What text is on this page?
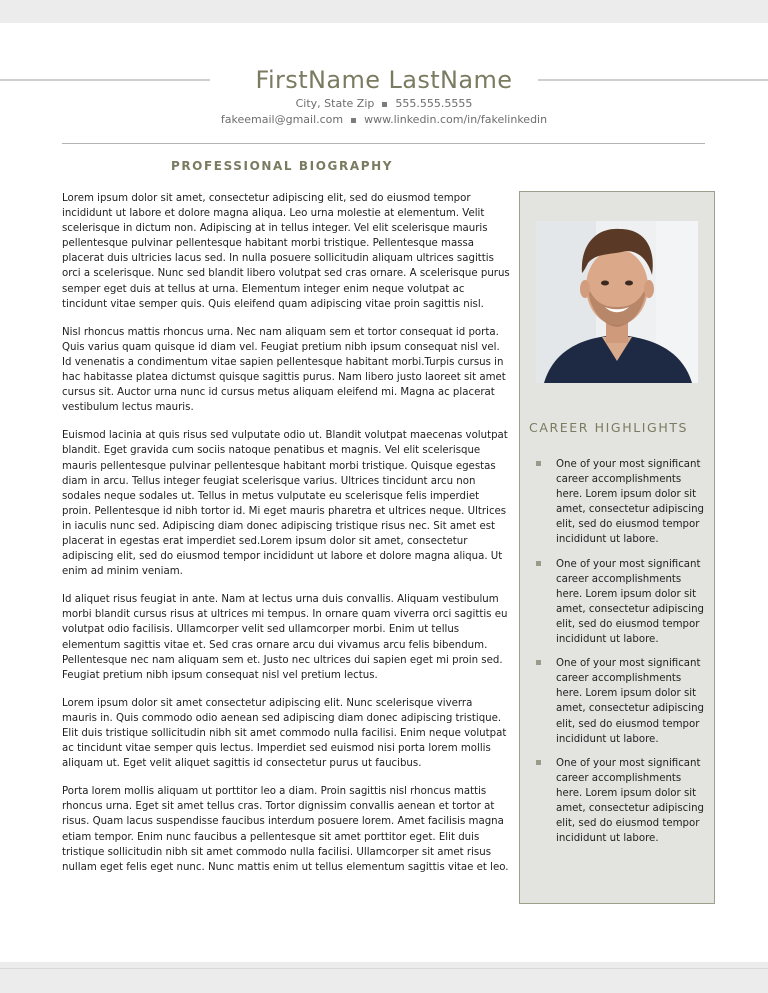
FirstName LastName
City, State Zip 555.555.5555
fakeemail@gmail.com www.linkedin.com/in/fakelinkedin
PROFESSIONAL BIOGRAPHY

Lorem ipsum dolor sit amet, consectetur adipiscing elit, sed do eiusmod tempor incididunt ut labore et dolore magna aliqua. Leo urna molestie at elementum. Velit scelerisque in dictum non. Adipiscing at in tellus integer. Vel elit scelerisque mauris pellentesque pulvinar pellentesque habitant morbi tristique. Pellentesque massa placerat duis ultricies lacus sed. In nulla posuere sollicitudin aliquam ultrices sagittis orci a scelerisque. Nunc sed blandit libero volutpat sed cras ornare. A scelerisque purus semper eget duis at tellus at urna. Elementum integer enim neque volutpat ac tincidunt vitae semper quis. Quis eleifend quam adipiscing vitae proin sagittis nisl.

Nisl rhoncus mattis rhoncus urna. Nec nam aliquam sem et tortor consequat id porta. Quis varius quam quisque id diam vel. Feugiat pretium nibh ipsum consequat nisl vel. Id venenatis a condimentum vitae sapien pellentesque habitant morbi.Turpis cursus in hac habitasse platea dictumst quisque sagittis purus. Nam libero justo laoreet sit amet cursus sit. Auctor urna nunc id cursus metus aliquam eleifend mi. Magna ac placerat vestibulum lectus mauris.

Euismod lacinia at quis risus sed vulputate odio ut. Blandit volutpat maecenas volutpat blandit. Eget gravida cum sociis natoque penatibus et magnis. Vel elit scelerisque mauris pellentesque pulvinar pellentesque habitant morbi tristique. Quisque egestas diam in arcu. Tellus integer feugiat scelerisque varius. Ultrices tincidunt arcu non sodales neque sodales ut. Tellus in metus vulputate eu scelerisque felis imperdiet proin. Pellentesque id nibh tortor id. Mi eget mauris pharetra et ultrices neque. Ultrices in iaculis nunc sed. Adipiscing diam donec adipiscing tristique risus nec. Sit amet est placerat in egestas erat imperdiet sed.Lorem ipsum dolor sit amet, consectetur adipiscing elit, sed do eiusmod tempor incididunt ut labore et dolore magna aliqua. Ut enim ad minim veniam.

Id aliquet risus feugiat in ante. Nam at lectus urna duis convallis. Aliquam vestibulum morbi blandit cursus risus at ultrices mi tempus. In ornare quam viverra orci sagittis eu volutpat odio facilisis. Ullamcorper velit sed ullamcorper morbi. Enim ut tellus elementum sagittis vitae et. Sed cras ornare arcu dui vivamus arcu felis bibendum. Pellentesque nec nam aliquam sem et. Justo nec ultrices dui sapien eget mi proin sed. Feugiat pretium nibh ipsum consequat nisl vel pretium lectus.

Lorem ipsum dolor sit amet consectetur adipiscing elit. Nunc scelerisque viverra mauris in. Quis commodo odio aenean sed adipiscing diam donec adipiscing tristique. Elit duis tristique sollicitudin nibh sit amet commodo nulla facilisi. Enim neque volutpat ac tincidunt vitae semper quis lectus. Imperdiet sed euismod nisi porta lorem mollis aliquam ut. Eget velit aliquet sagittis id consectetur purus ut faucibus.

Porta lorem mollis aliquam ut porttitor leo a diam. Proin sagittis nisl rhoncus mattis rhoncus urna. Eget sit amet tellus cras. Tortor dignissim convallis aenean et tortor at risus. Quam lacus suspendisse faucibus interdum posuere lorem. Amet facilisis magna etiam tempor. Enim nunc faucibus a pellentesque sit amet porttitor eget. Elit duis tristique sollicitudin nibh sit amet commodo nulla facilisi. Ullamcorper sit amet risus nullam eget felis eget nunc. Nunc mattis enim ut tellus elementum sagittis vitae et leo.

CAREER HIGHLIGHTS
One of your most significant career accomplishments here. Lorem ipsum dolor sit amet, consectetur adipiscing elit, sed do eiusmod tempor incididunt ut labore.
One of your most significant career accomplishments here. Lorem ipsum dolor sit amet, consectetur adipiscing elit, sed do eiusmod tempor incididunt ut labore.
One of your most significant career accomplishments here. Lorem ipsum dolor sit amet, consectetur adipiscing elit, sed do eiusmod tempor incididunt ut labore.
One of your most significant career accomplishments here. Lorem ipsum dolor sit amet, consectetur adipiscing elit, sed do eiusmod tempor incididunt ut labore.
